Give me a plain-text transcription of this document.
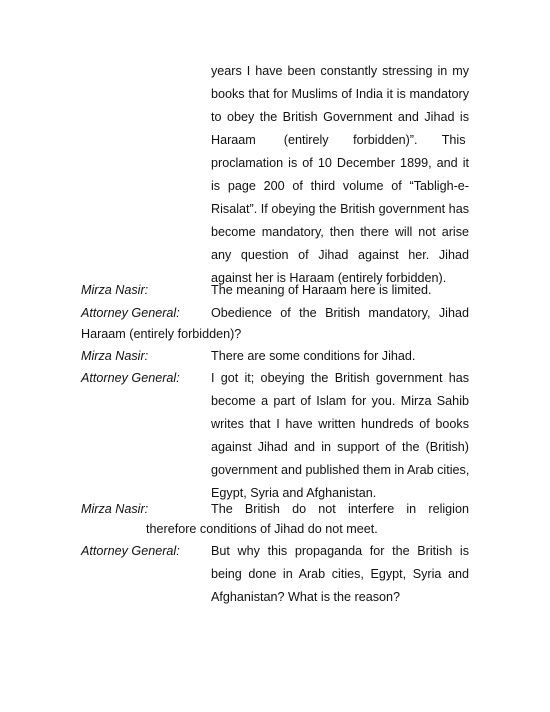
years I have been constantly stressing in my
books that for Muslims of India it is mandatory
to obey the British Government and Jihad is
Haraam        (entirely       forbidden)”.       This
proclamation is of 10 December 1899, and it
is page 200 of third volume of “Tabligh-e-
Risalat”. If obeying the British government has
become mandatory, then there will not arise
any question of Jihad against her. Jihad
against her is Haraam (entirely forbidden).
Mirza Nasir:	The meaning of Haraam here is limited.
Attorney General: Obedience of the British mandatory, Jihad
Haraam (entirely forbidden)?
Mirza Nasir:	There are some conditions for Jihad.
Attorney General: I got it; obeying the British government has
become a part of Islam for you. Mirza Sahib
writes that I have written hundreds of books
against Jihad and in support of the (British)
government and published them in Arab cities,
Egypt, Syria and Afghanistan.
Mirza Nasir:	The British do not interfere in religion
therefore conditions of Jihad do not meet.
Attorney General: But why this propaganda for the British is
being done in Arab cities, Egypt, Syria and
Afghanistan? What is the reason?
